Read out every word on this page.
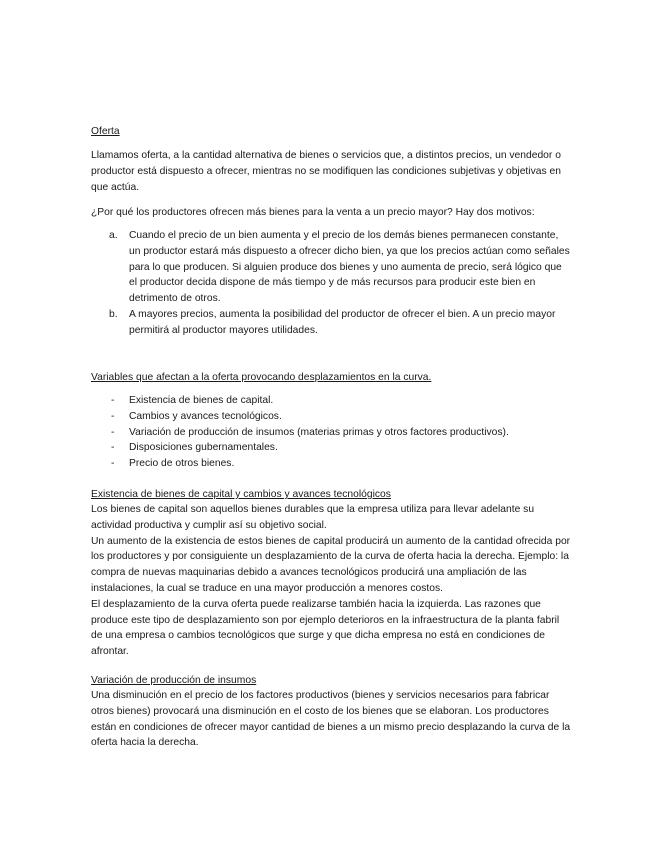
Oferta

Llamamos oferta, a la cantidad alternativa de bienes o servicios que, a distintos precios, un vendedor o productor está dispuesto a ofrecer, mientras no se modifiquen las condiciones subjetivas y objetivas en que actúa.

¿Por qué los productores ofrecen más bienes para la venta a un precio mayor? Hay dos motivos:

a. Cuando el precio de un bien aumenta y el precio de los demás bienes permanecen constante, un productor estará más dispuesto a ofrecer dicho bien, ya que los precios actúan como señales para lo que producen. Si alguien produce dos bienes y uno aumenta de precio, será lógico que el productor decida dispone de más tiempo y de más recursos para producir este bien en detrimento de otros.
b. A mayores precios, aumenta la posibilidad del productor de ofrecer el bien. A un precio mayor permitirá al productor mayores utilidades.

Variables que afectan a la oferta provocando desplazamientos en la curva.

- Existencia de bienes de capital.
- Cambios y avances tecnológicos.
- Variación de producción de insumos (materias primas y otros factores productivos).
- Disposiciones gubernamentales.
- Precio de otros bienes.

Existencia de bienes de capital y cambios y avances tecnológicos

Los bienes de capital son aquellos bienes durables que la empresa utiliza para llevar adelante su actividad productiva y cumplir así su objetivo social.

Un aumento de la existencia de estos bienes de capital producirá un aumento de la cantidad ofrecida por los productores y por consiguiente un desplazamiento de la curva de oferta hacia la derecha. Ejemplo: la compra de nuevas maquinarias debido a avances tecnológicos producirá una ampliación de las instalaciones, la cual se traduce en una mayor producción a menores costos.

El desplazamiento de la curva oferta puede realizarse también hacia la izquierda. Las razones que produce este tipo de desplazamiento son por ejemplo deterioros en la infraestructura de la planta fabril de una empresa o cambios tecnológicos que surge y que dicha empresa no está en condiciones de afrontar.

Variación de producción de insumos

Una disminución en el precio de los factores productivos (bienes y servicios necesarios para fabricar otros bienes) provocará una disminución en el costo de los bienes que se elaboran. Los productores están en condiciones de ofrecer mayor cantidad de bienes a un mismo precio desplazando la curva de la oferta hacia la derecha.
